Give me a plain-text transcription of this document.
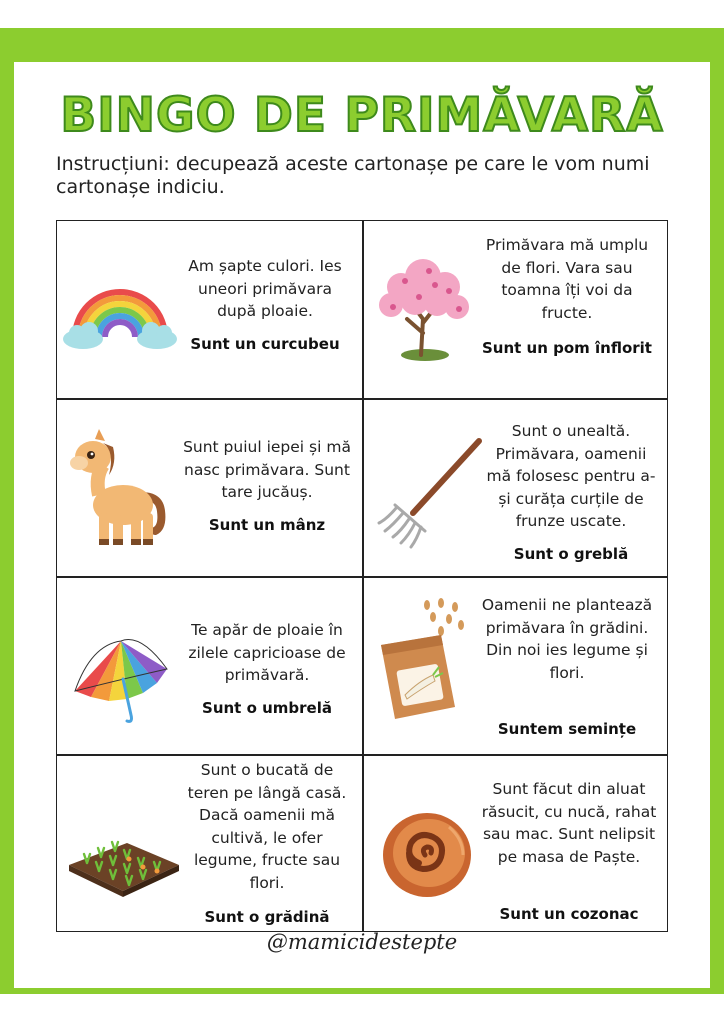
BINGO DE PRIMĂVARĂ
Instrucțiuni: decupează aceste cartonașe pe care le vom numi cartonașe indiciu.
Am șapte culori. Ies uneori primăvara după ploaie.
Sunt un curcubeu
Primăvara mă umplu de flori. Vara sau toamna îți voi da fructe.
Sunt un pom înflorit
Sunt puiul iepei și mă nasc primăvara. Sunt tare jucăuș.
Sunt un mânz
Sunt o unealtă. Primăvara, oamenii mă folosesc pentru a-și curăța curțile de frunze uscate.
Sunt o greblă
Te apăr de ploaie în zilele capricioase de primăvară.
Sunt o umbrelă
Oamenii ne plantează primăvara în grădini. Din noi ies legume și flori.
Suntem semințe
Sunt o bucată de teren pe lângă casă. Dacă oamenii mă cultivă, le ofer legume, fructe sau flori.
Sunt o grădină
Sunt făcut din aluat răsucit, cu nucă, rahat sau mac. Sunt nelipsit pe masa de Paște.
Sunt un cozonac
@mamicidestepte
